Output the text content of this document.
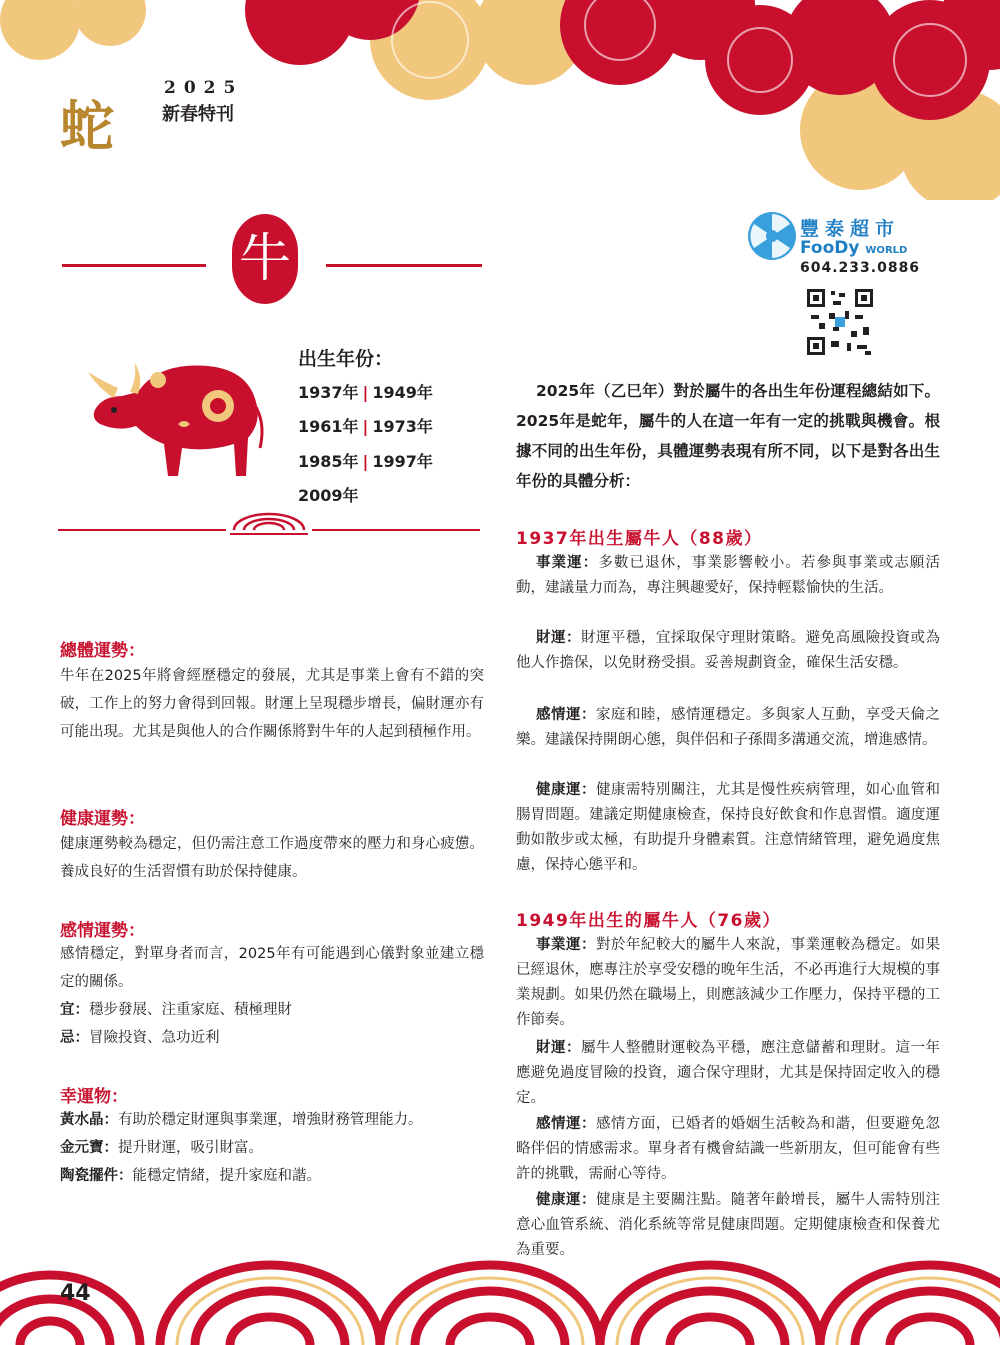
蛇
2025
新春特刊
牛	豐泰超市
FooDy WORLD
604.233.0886
出生年份：
1937年 | 1949年
1961年 | 1973年
1985年 | 1997年
2009年
總體運勢：
牛年在2025年將會經歷穩定的發展，尤其是事業上會有不錯的突破，工作上的努力會得到回報。財運上呈現穩步增長，偏財運亦有可能出現。尤其是與他人的合作關係將對牛年的人起到積極作用。
健康運勢：
健康運勢較為穩定，但仍需注意工作過度帶來的壓力和身心疲憊。養成良好的生活習慣有助於保持健康。
感情運勢：
感情穩定，對單身者而言，2025年有可能遇到心儀對象並建立穩定的關係。
宜：穩步發展、注重家庭、積極理財
忌：冒險投資、急功近利
幸運物：
黃水晶：有助於穩定財運與事業運，增強財務管理能力。
金元寶：提升財運，吸引財富。
陶瓷擺件：能穩定情緒，提升家庭和諧。
2025年（乙巳年）對於屬牛的各出生年份運程總結如下。2025年是蛇年，屬牛的人在這一年有一定的挑戰與機會。根據不同的出生年份，具體運勢表現有所不同，以下是對各出生年份的具體分析：
1937年出生屬牛人（88歲）
事業運：多數已退休，事業影響較小。若參與事業或志願活動，建議量力而為，專注興趣愛好，保持輕鬆愉快的生活。
財運：財運平穩，宜採取保守理財策略。避免高風險投資或為他人作擔保，以免財務受損。妥善規劃資金，確保生活安穩。
感情運：家庭和睦，感情運穩定。多與家人互動，享受天倫之樂。建議保持開朗心態，與伴侶和子孫間多溝通交流，增進感情。
健康運：健康需特別關注，尤其是慢性疾病管理，如心血管和腸胃問題。建議定期健康檢查，保持良好飲食和作息習慣。適度運動如散步或太極，有助提升身體素質。注意情緒管理，避免過度焦慮，保持心態平和。
1949年出生的屬牛人（76歲）
事業運：對於年紀較大的屬牛人來說，事業運較為穩定。如果已經退休，應專注於享受安穩的晚年生活，不必再進行大規模的事業規劃。如果仍然在職場上，則應該減少工作壓力，保持平穩的工作節奏。
財運：屬牛人整體財運較為平穩，應注意儲蓄和理財。這一年應避免過度冒險的投資，適合保守理財，尤其是保持固定收入的穩定。
感情運：感情方面，已婚者的婚姻生活較為和諧，但要避免忽略伴侶的情感需求。單身者有機會結識一些新朋友，但可能會有些許的挑戰，需耐心等待。
健康運：健康是主要關注點。隨著年齡增長，屬牛人需特別注意心血管系統、消化系統等常見健康問題。定期健康檢查和保養尤為重要。
44
